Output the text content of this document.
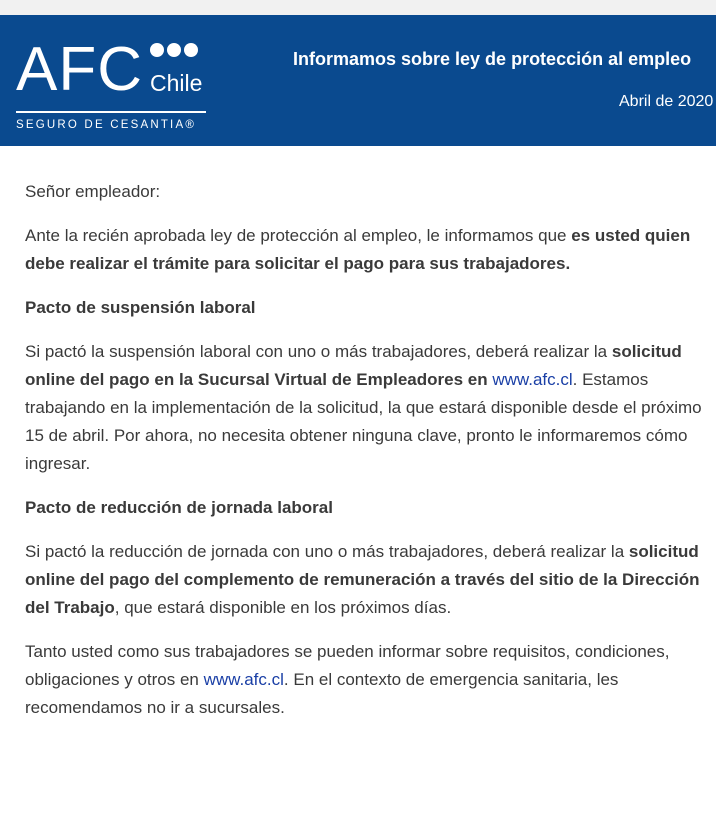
AFC Chile
SEGURO DE CESANTIA®
Informamos sobre ley de protección al empleo
Abril de 2020

Señor empleador:

Ante la recién aprobada ley de protección al empleo, le informamos que es usted quien debe realizar el trámite para solicitar el pago para sus trabajadores.

Pacto de suspensión laboral

Si pactó la suspensión laboral con uno o más trabajadores, deberá realizar la solicitud online del pago en la Sucursal Virtual de Empleadores en www.afc.cl. Estamos trabajando en la implementación de la solicitud, la que estará disponible desde el próximo 15 de abril. Por ahora, no necesita obtener ninguna clave, pronto le informaremos cómo ingresar.

Pacto de reducción de jornada laboral

Si pactó la reducción de jornada con uno o más trabajadores, deberá realizar la solicitud online del pago del complemento de remuneración a través del sitio de la Dirección del Trabajo, que estará disponible en los próximos días.

Tanto usted como sus trabajadores se pueden informar sobre requisitos, condiciones, obligaciones y otros en www.afc.cl. En el contexto de emergencia sanitaria, les recomendamos no ir a sucursales.
